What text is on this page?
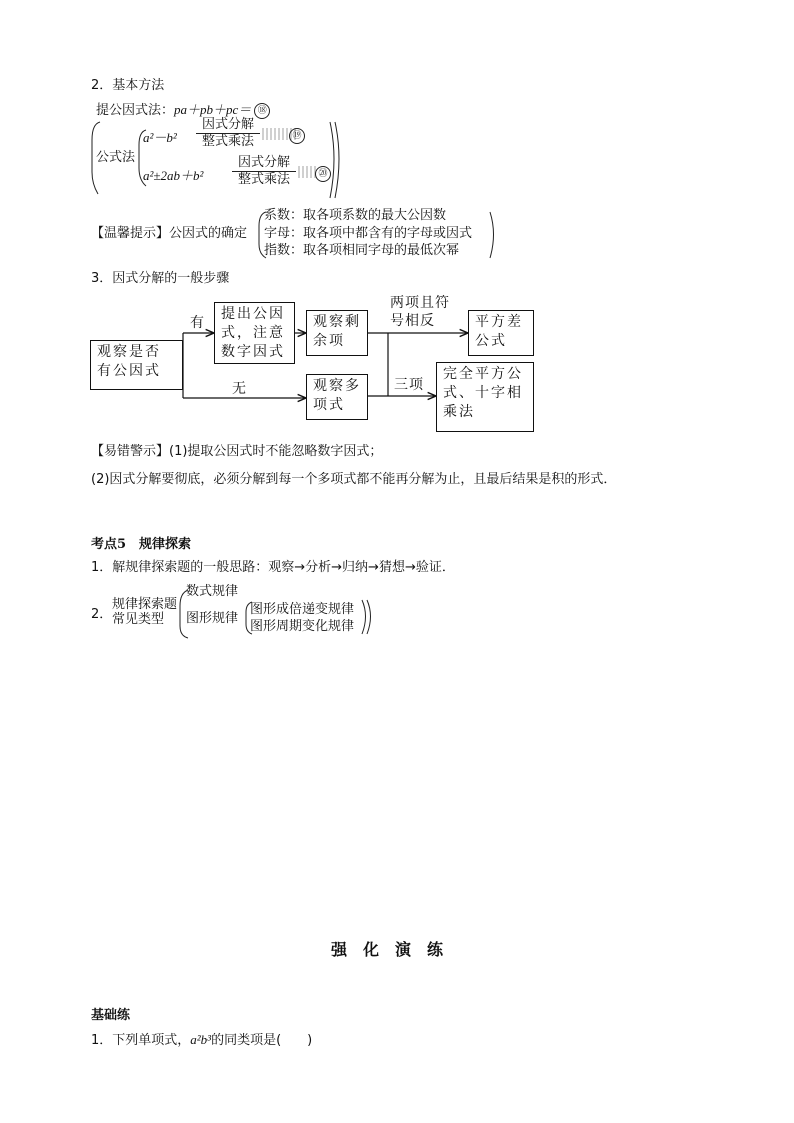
2．基本方法
提公因式法：pa＋pb＋pc＝ ⑱
公式法
a²－b²
因式分解
整式乘法	⑲
a²±2ab＋b²
因式分解
整式乘法	⑳
【温馨提示】公因式的确定
系数：取各项系数的最大公因数
字母：取各项中都含有的字母或因式
指数：取各项相同字母的最低次幂
3．因式分解的一般步骤
观察是否有公因式
提出公因式，注意数字因式
观察剩余项
观察多项式
平方差公式
完全平方公式、十字相乘法
有
无
两项且符号相反
三项
【易错警示】(1)提取公因式时不能忽略数字因式；
(2)因式分解要彻底，必须分解到每一个多项式都不能再分解为止，且最后结果是积的形式．
考点5　规律探索
1．解规律探索题的一般思路：观察→分析→归纳→猜想→验证．
2．
规律探索题
常见类型
数式规律
图形规律
图形成倍递变规律
图形周期变化规律
强　化　演　练
基础练
1．下列单项式，a²b³的同类项是(　　)
